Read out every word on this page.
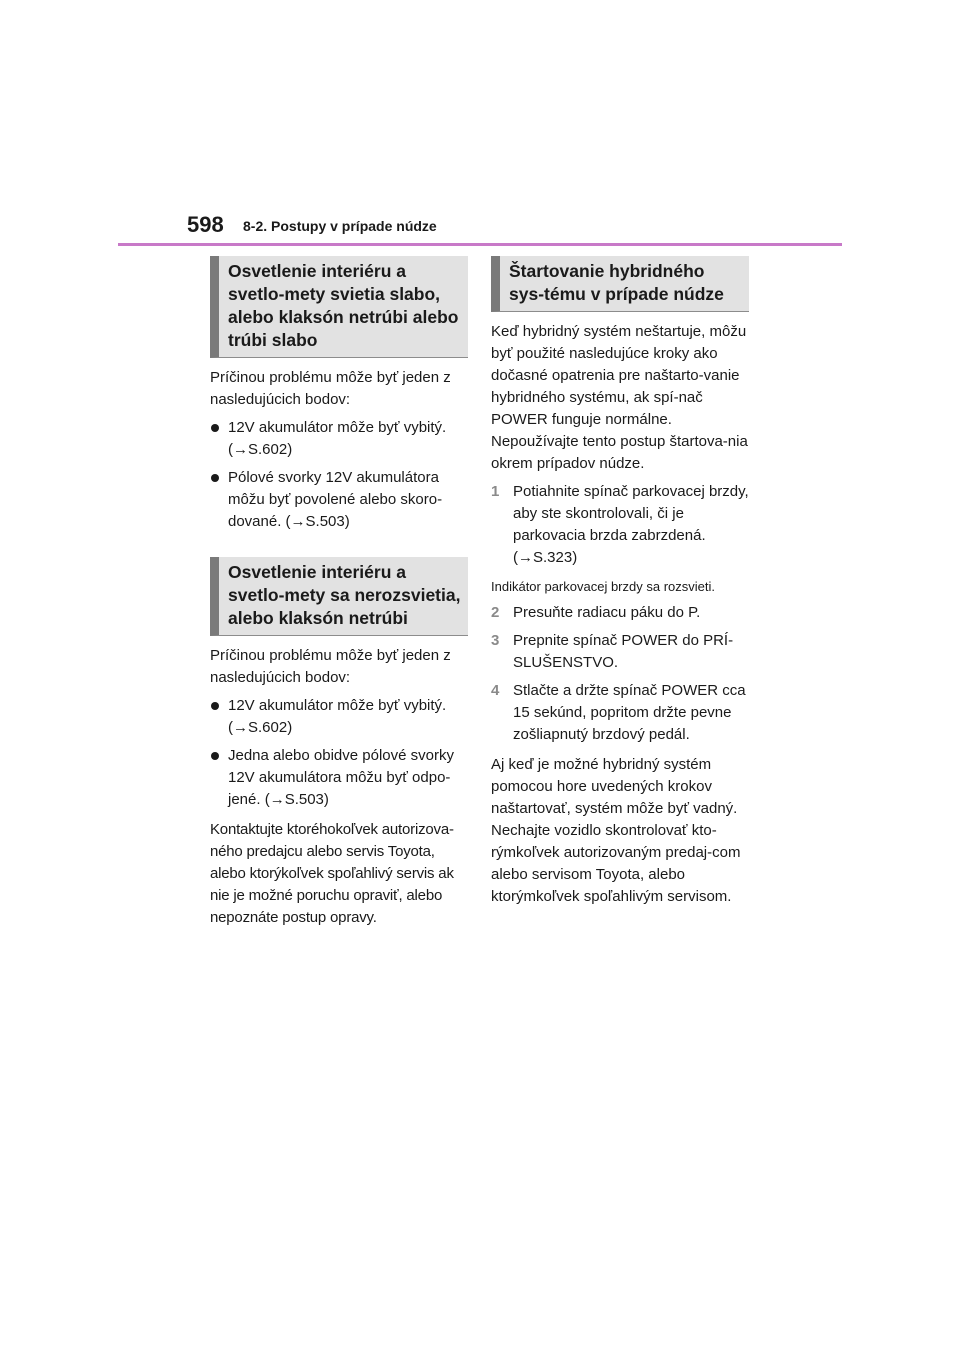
598 8-2. Postupy v prípade núdze
Osvetlenie interiéru a svetlo-mety svietia slabo, alebo klaksón netrúbi alebo trúbi slabo

Príčinou problému môže byť jeden z nasledujúcich bodov:

12V akumulátor môže byť vybitý. (→S.602)
Pólové svorky 12V akumulátora môžu byť povolené alebo skoro-dované. (→S.503)
Osvetlenie interiéru a svetlo-mety sa nerozsvietia, alebo klaksón netrúbi

Príčinou problému môže byť jeden z nasledujúcich bodov:

12V akumulátor môže byť vybitý. (→S.602)
Jedna alebo obidve pólové svorky 12V akumulátora môžu byť odpo-jené. (→S.503)
Kontaktujte ktoréhokoľvek autorizova-ného predajcu alebo servis Toyota, alebo ktorýkoľvek spoľahlivý servis ak nie je možné poruchu opraviť, alebo nepoznáte postup opravy.
Štartovanie hybridného sys-tému v prípade núdze

Keď hybridný systém neštartuje, môžu byť použité nasledujúce kroky ako dočasné opatrenia pre naštarto-vanie hybridného systému, ak spí-nač POWER funguje normálne. Nepoužívajte tento postup štartova-nia okrem prípadov núdze.

1 Potiahnite spínač parkovacej brzdy, aby ste skontrolovali, či je parkovacia brzda zabrzdená. (→S.323)
Indikátor parkovacej brzdy sa rozsvieti.
2 Presuňte radiacu páku do P.
3 Prepnite spínač POWER do PRÍ-SLUŠENSTVO.
4 Stlačte a držte spínač POWER cca 15 sekúnd, popritom držte pevne zošliapnutý brzdový pedál.
Aj keď je možné hybridný systém pomocou hore uvedených krokov naštartovať, systém môže byť vadný. Nechajte vozidlo skontrolovať kto-rýmkoľvek autorizovaným predaj-com alebo servisom Toyota, alebo ktorýmkoľvek spoľahlivým servisom.
